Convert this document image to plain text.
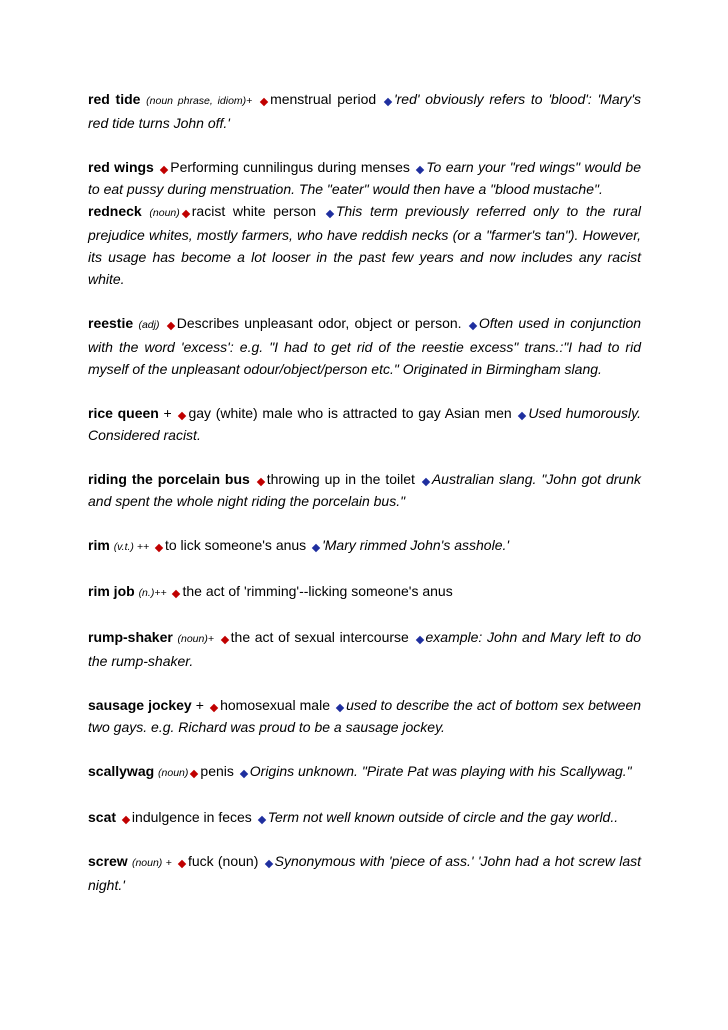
red tide (noun phrase, idiom)+ menstrual period 'red' obviously refers to 'blood': 'Mary's red tide turns John off.'

red wings Performing cunnilingus during menses To earn your "red wings" would be to eat pussy during menstruation. The "eater" would then have a "blood mustache".

redneck (noun) racist white person This term previously referred only to the rural prejudice whites, mostly farmers, who have reddish necks (or a "farmer's tan"). However, its usage has become a lot looser in the past few years and now includes any racist white.

reestie (adj) Describes unpleasant odor, object or person. Often used in conjunction with the word 'excess': e.g. "I had to get rid of the reestie excess" trans.:"I had to rid myself of the unpleasant odour/object/person etc." Originated in Birmingham slang.

rice queen + gay (white) male who is attracted to gay Asian men Used humorously. Considered racist.

riding the porcelain bus throwing up in the toilet Australian slang. "John got drunk and spent the whole night riding the porcelain bus."

rim (v.t.) ++ to lick someone's anus 'Mary rimmed John's asshole.'

rim job (n.)++ the act of 'rimming'--licking someone's anus

rump-shaker (noun)+ the act of sexual intercourse example: John and Mary left to do the rump-shaker.

sausage jockey + homosexual male used to describe the act of bottom sex between two gays. e.g. Richard was proud to be a sausage jockey.

scallywag (noun) penis Origins unknown. "Pirate Pat was playing with his Scallywag."

scat indulgence in feces Term not well known outside of circle and the gay world..

screw (noun) + fuck (noun) Synonymous with 'piece of ass.' 'John had a hot screw last night.'
